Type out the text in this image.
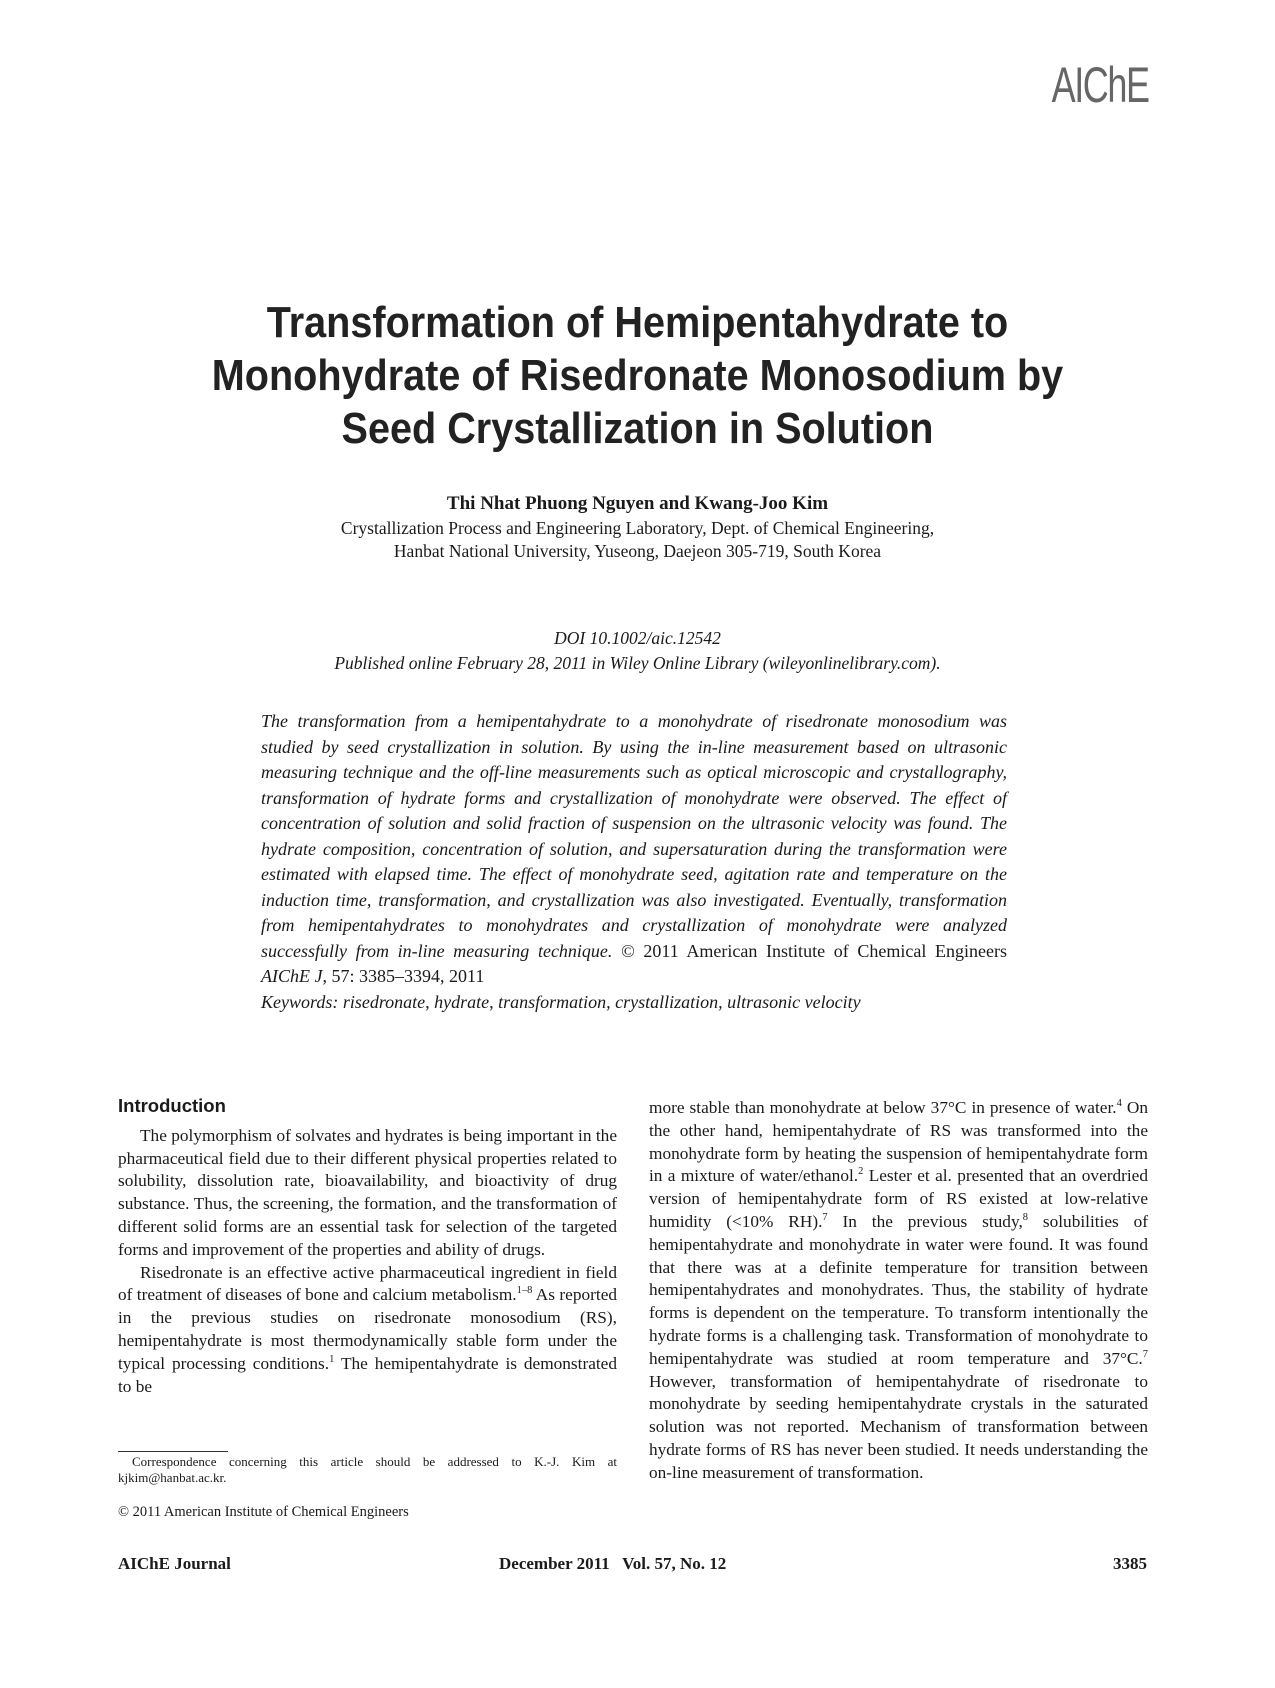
AIChE
Transformation of Hemipentahydrate to
Monohydrate of Risedronate Monosodium by
Seed Crystallization in Solution
Thi Nhat Phuong Nguyen and Kwang-Joo Kim
Crystallization Process and Engineering Laboratory, Dept. of Chemical Engineering,
Hanbat National University, Yuseong, Daejeon 305-719, South Korea
DOI 10.1002/aic.12542
Published online February 28, 2011 in Wiley Online Library (wileyonlinelibrary.com).
The transformation from a hemipentahydrate to a monohydrate of risedronate monosodium was studied by seed crystallization in solution. By using the in-line measurement based on ultrasonic measuring technique and the off-line measurements such as optical microscopic and crystallography, transformation of hydrate forms and crystallization of monohydrate were observed. The effect of concentration of solution and solid fraction of suspension on the ultrasonic velocity was found. The hydrate composition, concentration of solution, and supersaturation during the transformation were estimated with elapsed time. The effect of monohydrate seed, agitation rate and temperature on the induction time, transformation, and crystallization was also investigated. Eventually, transformation from hemipentahydrates to monohydrates and crystallization of monohydrate were analyzed successfully from in-line measuring technique. © 2011 American Institute of Chemical Engineers AIChE J, 57: 3385–3394, 2011
Keywords: risedronate, hydrate, transformation, crystallization, ultrasonic velocity
Introduction

The polymorphism of solvates and hydrates is being important in the pharmaceutical field due to their different physical properties related to solubility, dissolution rate, bioavailability, and bioactivity of drug substance. Thus, the screening, the formation, and the transformation of different solid forms are an essential task for selection of the targeted forms and improvement of the properties and ability of drugs.

Risedronate is an effective active pharmaceutical ingredient in field of treatment of diseases of bone and calcium metabolism.$^{1-8}$ As reported in the previous studies on risedronate monosodium (RS), hemipentahydrate is most thermodynamically stable form under the typical processing conditions.$^1$ The hemipentahydrate is demonstrated to be

more stable than monohydrate at below 37°C in presence of water.$^4$ On the other hand, hemipentahydrate of RS was transformed into the monohydrate form by heating the suspension of hemipentahydrate form in a mixture of water/ethanol.$^2$ Lester et al. presented that an overdried version of hemipentahydrate form of RS existed at low-relative humidity (<10% RH).$^7$ In the previous study,$^8$ solubilities of hemipentahydrate and monohydrate in water were found. It was found that there was at a definite temperature for transition between hemipentahydrates and monohydrates. Thus, the stability of hydrate forms is dependent on the temperature. To transform intentionally the hydrate forms is a challenging task. Transformation of monohydrate to hemipentahydrate was studied at room temperature and 37°C.$^7$ However, transformation of hemipentahydrate of risedronate to monohydrate by seeding hemipentahydrate crystals in the saturated solution was not reported. Mechanism of transformation between hydrate forms of RS has never been studied. It needs understanding the on-line measurement of transformation.

Correspondence concerning this article should be addressed to K.-J. Kim at kjkim@hanbat.ac.kr.
© 2011 American Institute of Chemical Engineers
AIChE Journal	December 2011   Vol. 57, No. 12	3385
